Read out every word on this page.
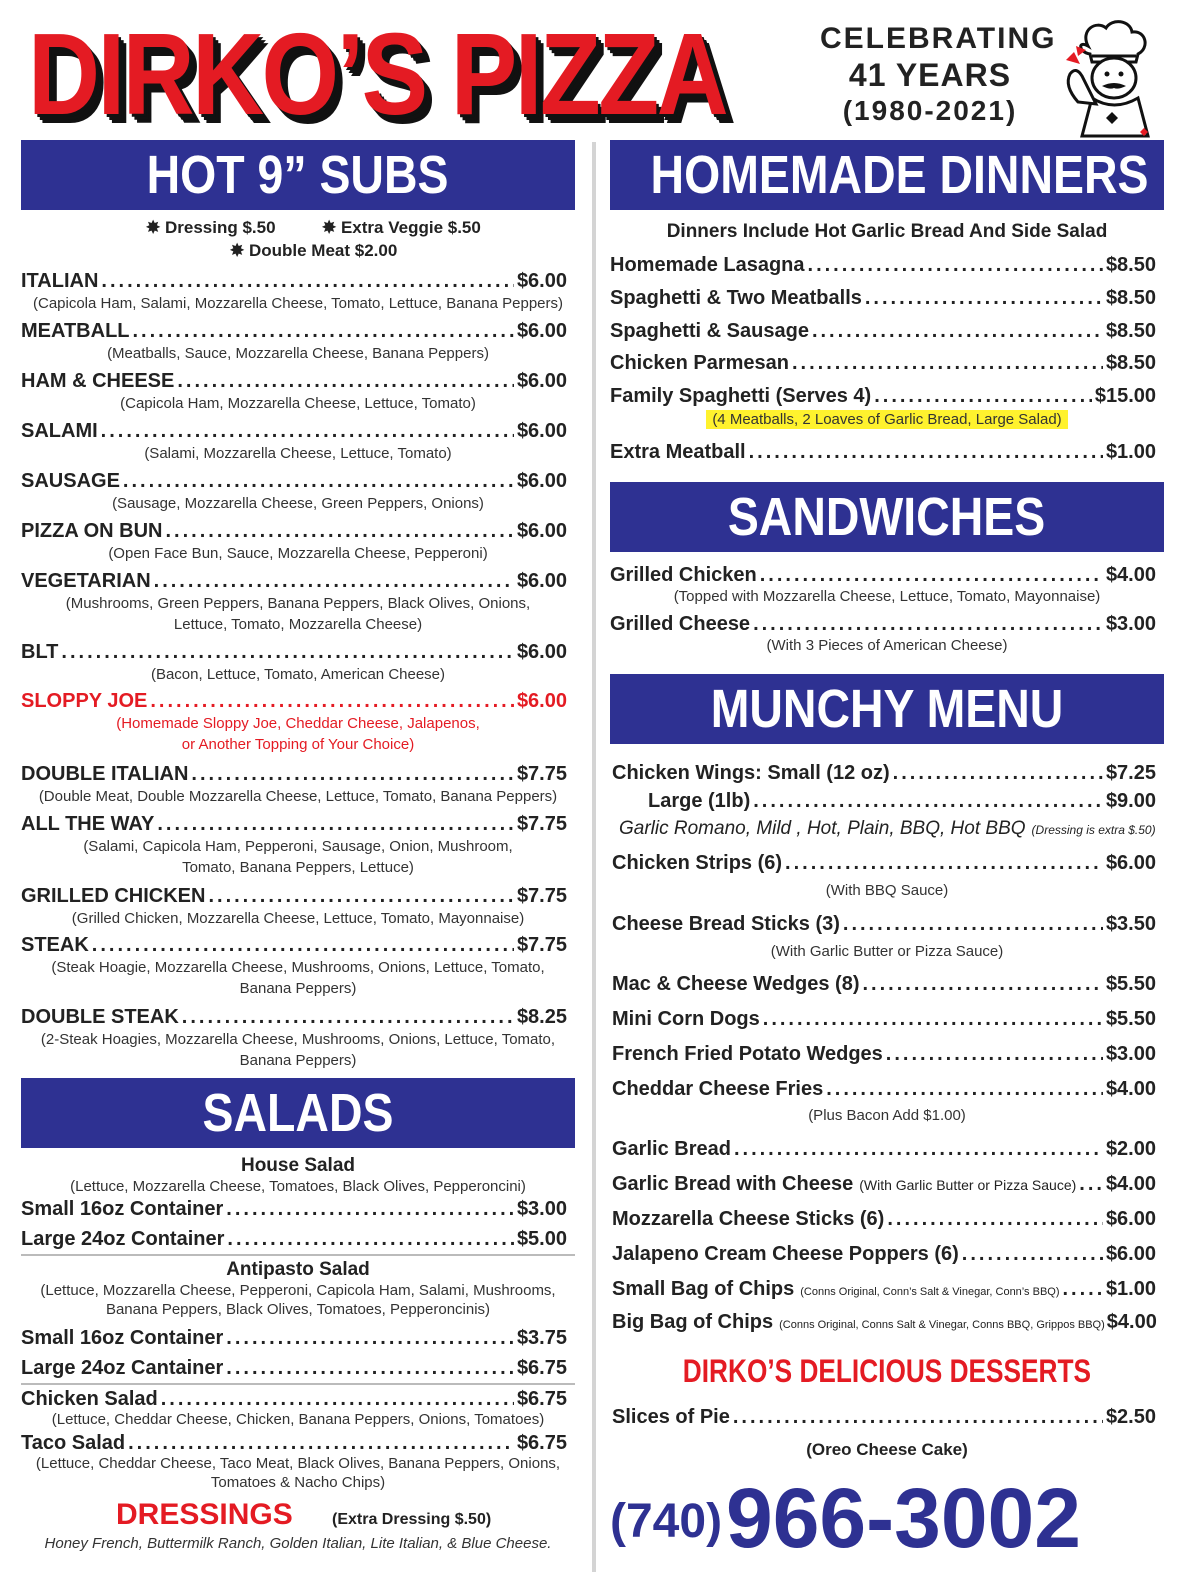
DIRKO’S PIZZA	CELEBRATING
41 YEARS
(1980-2021)
HOT 9” SUBS
✸ Dressing $.50	✸ Extra Veggie $.50
✸ Double Meat $2.00
ITALIAN .....	$6.00
(Capicola Ham, Salami, Mozzarella Cheese, Tomato, Lettuce, Banana Peppers)
MEATBALL .....	$6.00
(Meatballs, Sauce, Mozzarella Cheese, Banana Peppers)
HAM & CHEESE .....	$6.00
(Capicola Ham, Mozzarella Cheese, Lettuce, Tomato)
SALAMI .....	$6.00
(Salami, Mozzarella Cheese, Lettuce, Tomato)
SAUSAGE .....	$6.00
(Sausage, Mozzarella Cheese, Green Peppers, Onions)
PIZZA ON BUN .....	$6.00
(Open Face Bun, Sauce, Mozzarella Cheese, Pepperoni)
VEGETARIAN .....	$6.00
(Mushrooms, Green Peppers, Banana Peppers, Black Olives, Onions,
Lettuce, Tomato, Mozzarella Cheese)
BLT .....	$6.00
(Bacon, Lettuce, Tomato, American Cheese)
SLOPPY JOE .....	$6.00
(Homemade Sloppy Joe, Cheddar Cheese, Jalapenos,
or Another Topping of Your Choice)
DOUBLE ITALIAN .....	$7.75
(Double Meat, Double Mozzarella Cheese, Lettuce, Tomato, Banana Peppers)
ALL THE WAY .....	$7.75
(Salami, Capicola Ham, Pepperoni, Sausage, Onion, Mushroom,
Tomato, Banana Peppers, Lettuce)
GRILLED CHICKEN .....	$7.75
(Grilled Chicken, Mozzarella Cheese, Lettuce, Tomato, Mayonnaise)
STEAK .....	$7.75
(Steak Hoagie, Mozzarella Cheese, Mushrooms, Onions, Lettuce, Tomato,
Banana Peppers)
DOUBLE STEAK .....	$8.25
(2-Steak Hoagies, Mozzarella Cheese, Mushrooms, Onions, Lettuce, Tomato,
Banana Peppers)
SALADS
House Salad
(Lettuce, Mozzarella Cheese, Tomatoes, Black Olives, Pepperoncini)
Small 16oz Container .....	$3.00
Large 24oz Container .....	$5.00
Antipasto Salad
(Lettuce, Mozzarella Cheese, Pepperoni, Capicola Ham, Salami, Mushrooms,
Banana Peppers, Black Olives, Tomatoes, Pepperoncinis)
Small 16oz Container .....	$3.75
Large 24oz Cantainer .....	$6.75
Chicken Salad .....	$6.75
(Lettuce, Cheddar Cheese, Chicken, Banana Peppers, Onions, Tomatoes)
Taco Salad .....	$6.75
(Lettuce, Cheddar Cheese, Taco Meat, Black Olives, Banana Peppers, Onions,
Tomatoes & Nacho Chips)
DRESSINGS (Extra Dressing $.50)
Honey French, Buttermilk Ranch, Golden Italian, Lite Italian, & Blue Cheese.
HOMEMADE DINNERS
Dinners Include Hot Garlic Bread And Side Salad
Homemade Lasagna .....	$8.50
Spaghetti & Two Meatballs .....	$8.50
Spaghetti & Sausage .....	$8.50
Chicken Parmesan .....	$8.50
Family Spaghetti (Serves 4) .....	$15.00
(4 Meatballs, 2 Loaves of Garlic Bread, Large Salad)
Extra Meatball .....	$1.00
SANDWICHES
Grilled Chicken .....	$4.00
(Topped with Mozzarella Cheese, Lettuce, Tomato, Mayonnaise)
Grilled Cheese .....	$3.00
(With 3 Pieces of American Cheese)
MUNCHY MENU
Chicken Wings: Small (12 oz) .....	$7.25
Large (1lb) .....	$9.00
Garlic Romano, Mild , Hot, Plain, BBQ, Hot BBQ (Dressing is extra $.50)
Chicken Strips (6) .....	$6.00
(With BBQ Sauce)
Cheese Bread Sticks (3) .....	$3.50
(With Garlic Butter or Pizza Sauce)
Mac & Cheese Wedges (8) .....	$5.50
Mini Corn Dogs .....	$5.50
French Fried Potato Wedges .....	$3.00
Cheddar Cheese Fries .....	$4.00
(Plus Bacon Add $1.00)
Garlic Bread .....	$2.00
Garlic Bread with Cheese (With Garlic Butter or Pizza Sauce) ..... $4.00
Mozzarella Cheese Sticks (6) .....	$6.00
Jalapeno Cream Cheese Poppers (6) .....	$6.00
Small Bag of Chips (Conns Original, Conn’s Salt & Vinegar, Conn’s BBQ) ..... $1.00
Big Bag of Chips (Conns Original, Conns Salt & Vinegar, Conns BBQ, Grippos BBQ) $4.00
DIRKO’S DELICIOUS DESSERTS
Slices of Pie .....	$2.50
(Oreo Cheese Cake)
(740) 966-3002
